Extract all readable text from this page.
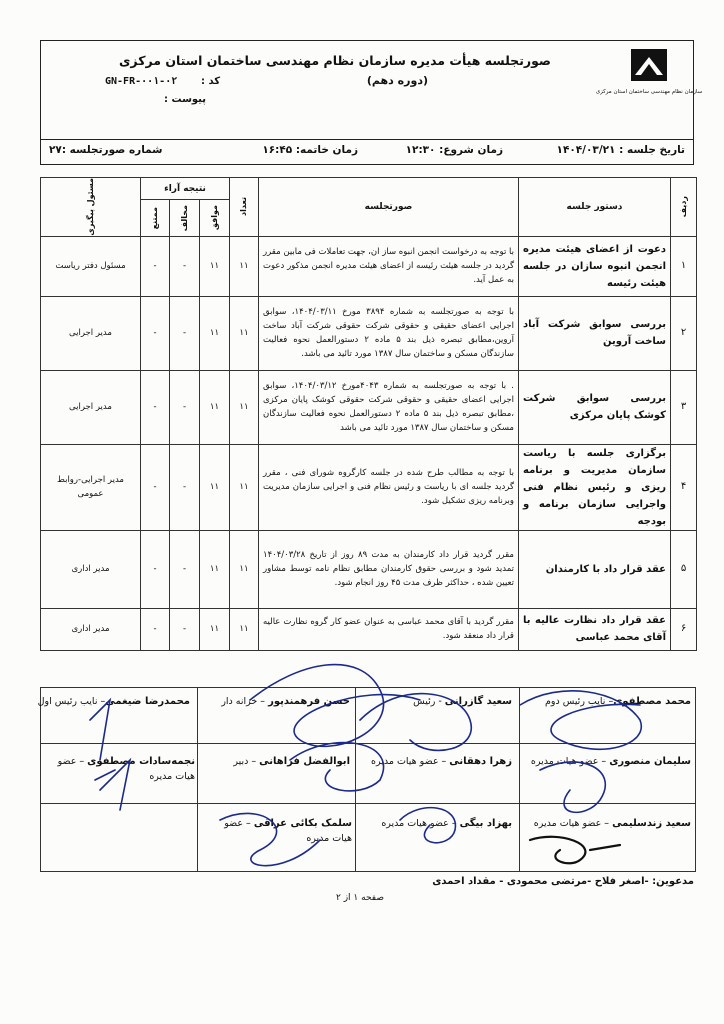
سازمان نظام مهندسی ساختمان استان مرکزی
صورتجلسه هیأت مدیره سازمان نظام مهندسی ساختمان استان مرکزی
(دوره دهم)
کد :
GN-FR-۰۰۱-۰۲
پیوست :
تاریخ جلسه : ۱۴۰۴/۰۳/۲۱
زمان شروع: ۱۲:۳۰
زمان خاتمه: ۱۶:۴۵
شماره صورتجلسه :۲۷
ردیف	دستور جلسه	صورتجلسه	تعداد	نتیجه آراء			مسئول پیگیری

				موافق	مخالف	ممتنع	

۱	دعوت از اعضای هیئت مدیره انجمن انبوه سازان در جلسه هیئت رئیسه	با توجه به درخواست انجمن انبوه ساز ان، جهت تعاملات فی مابین مقرر گردید در جلسه هیئت رئیسه از اعضای هیئت مدیره انجمن مذکور دعوت به عمل آید.	۱۱	۱۱	-	-	مسئول دفتر ریاست
۲	بررسی سوابق شرکت آباد ساخت آروین	با توجه به صورتجلسه به شماره ۳۸۹۴ مورخ ۱۴۰۴/۰۳/۱۱، سوابق اجرایی اعضای حقیقی و حقوقی شرکت حقوقی شرکت آباد ساخت آروین،مطابق تبصره ذیل بند ۵ ماده ۲ دستورالعمل نحوه فعالیت سازندگان مسکن و ساختمان سال ۱۳۸۷ مورد تائید می باشد.	۱۱	۱۱	-	-	مدیر اجرایی
۳	بررسی سوابق شرکت کوشک پایان مرکزی	. با توجه به صورتجلسه به شماره ۴۰۴۳مورخ ۱۴۰۴/۰۳/۱۲، سوابق اجرایی اعضای حقیقی و حقوقی شرکت حقوقی کوشک پایان مرکزی ،مطابق تبصره ذیل بند ۵ ماده ۲ دستورالعمل نحوه فعالیت سازندگان مسکن و ساختمان سال ۱۳۸۷ مورد تائید می باشد	۱۱	۱۱	-	-	مدیر اجرایی
۴	برگزاری جلسه با ریاست سازمان مدیریت و برنامه ریزی و رئیس نظام فنی واجرایی سازمان برنامه و بودجه	با توجه به مطالب طرح شده در جلسه کارگروه شورای فنی ، مقرر گردید جلسه ای با ریاست و رئیس نظام فنی و اجرایی سازمان مدیریت وبرنامه ریزی تشکیل شود.	۱۱	۱۱	-	-	مدیر اجرایی-روابط عمومی
۵	عقد قرار داد با کارمندان	مقرر گردید قرار داد کارمندان به مدت ۸۹ روز از تاریخ ۱۴۰۴/۰۳/۲۸ تمدید شود و بررسی حقوق کارمندان مطابق نظام نامه توسط مشاور تعیین شده ، حداکثر ظرف مدت ۴۵ روز انجام شود.	۱۱	۱۱	-	-	مدیر اداری
۶	عقد قرار داد نظارت عالیه با آقای محمد عباسی	مقرر گردید با آقای محمد عباسی به عنوان عضو کار گروه نظارت عالیه قرار داد منعقد شود.	۱۱	۱۱	-	-	مدیر اداری
محمد مصطفوی– نایب رئیس دوم
سعید گازرانی - رئیس
حسن فرهمندپور – خزانه دار
محمدرضا ضیغمی– نایب رئیس اول
سلیمان منصوری – عضو هیات مدیره
زهرا دهقانی – عضو هیات مدیره
ابوالفضل فراهانی – دبیر
نجمه‌سادات مصطفوی – عضو هیات مدیره
سعید زندسلیمی – عضو هیات مدیره
بهزاد بیگی – عضو هیات مدیره
سلمک بکائی عراقی – عضو هیات مدیره
مدعوین: -اصغر فلاح -مرتضی محمودی - مقداد احمدی
صفحه ۱ از ۲
